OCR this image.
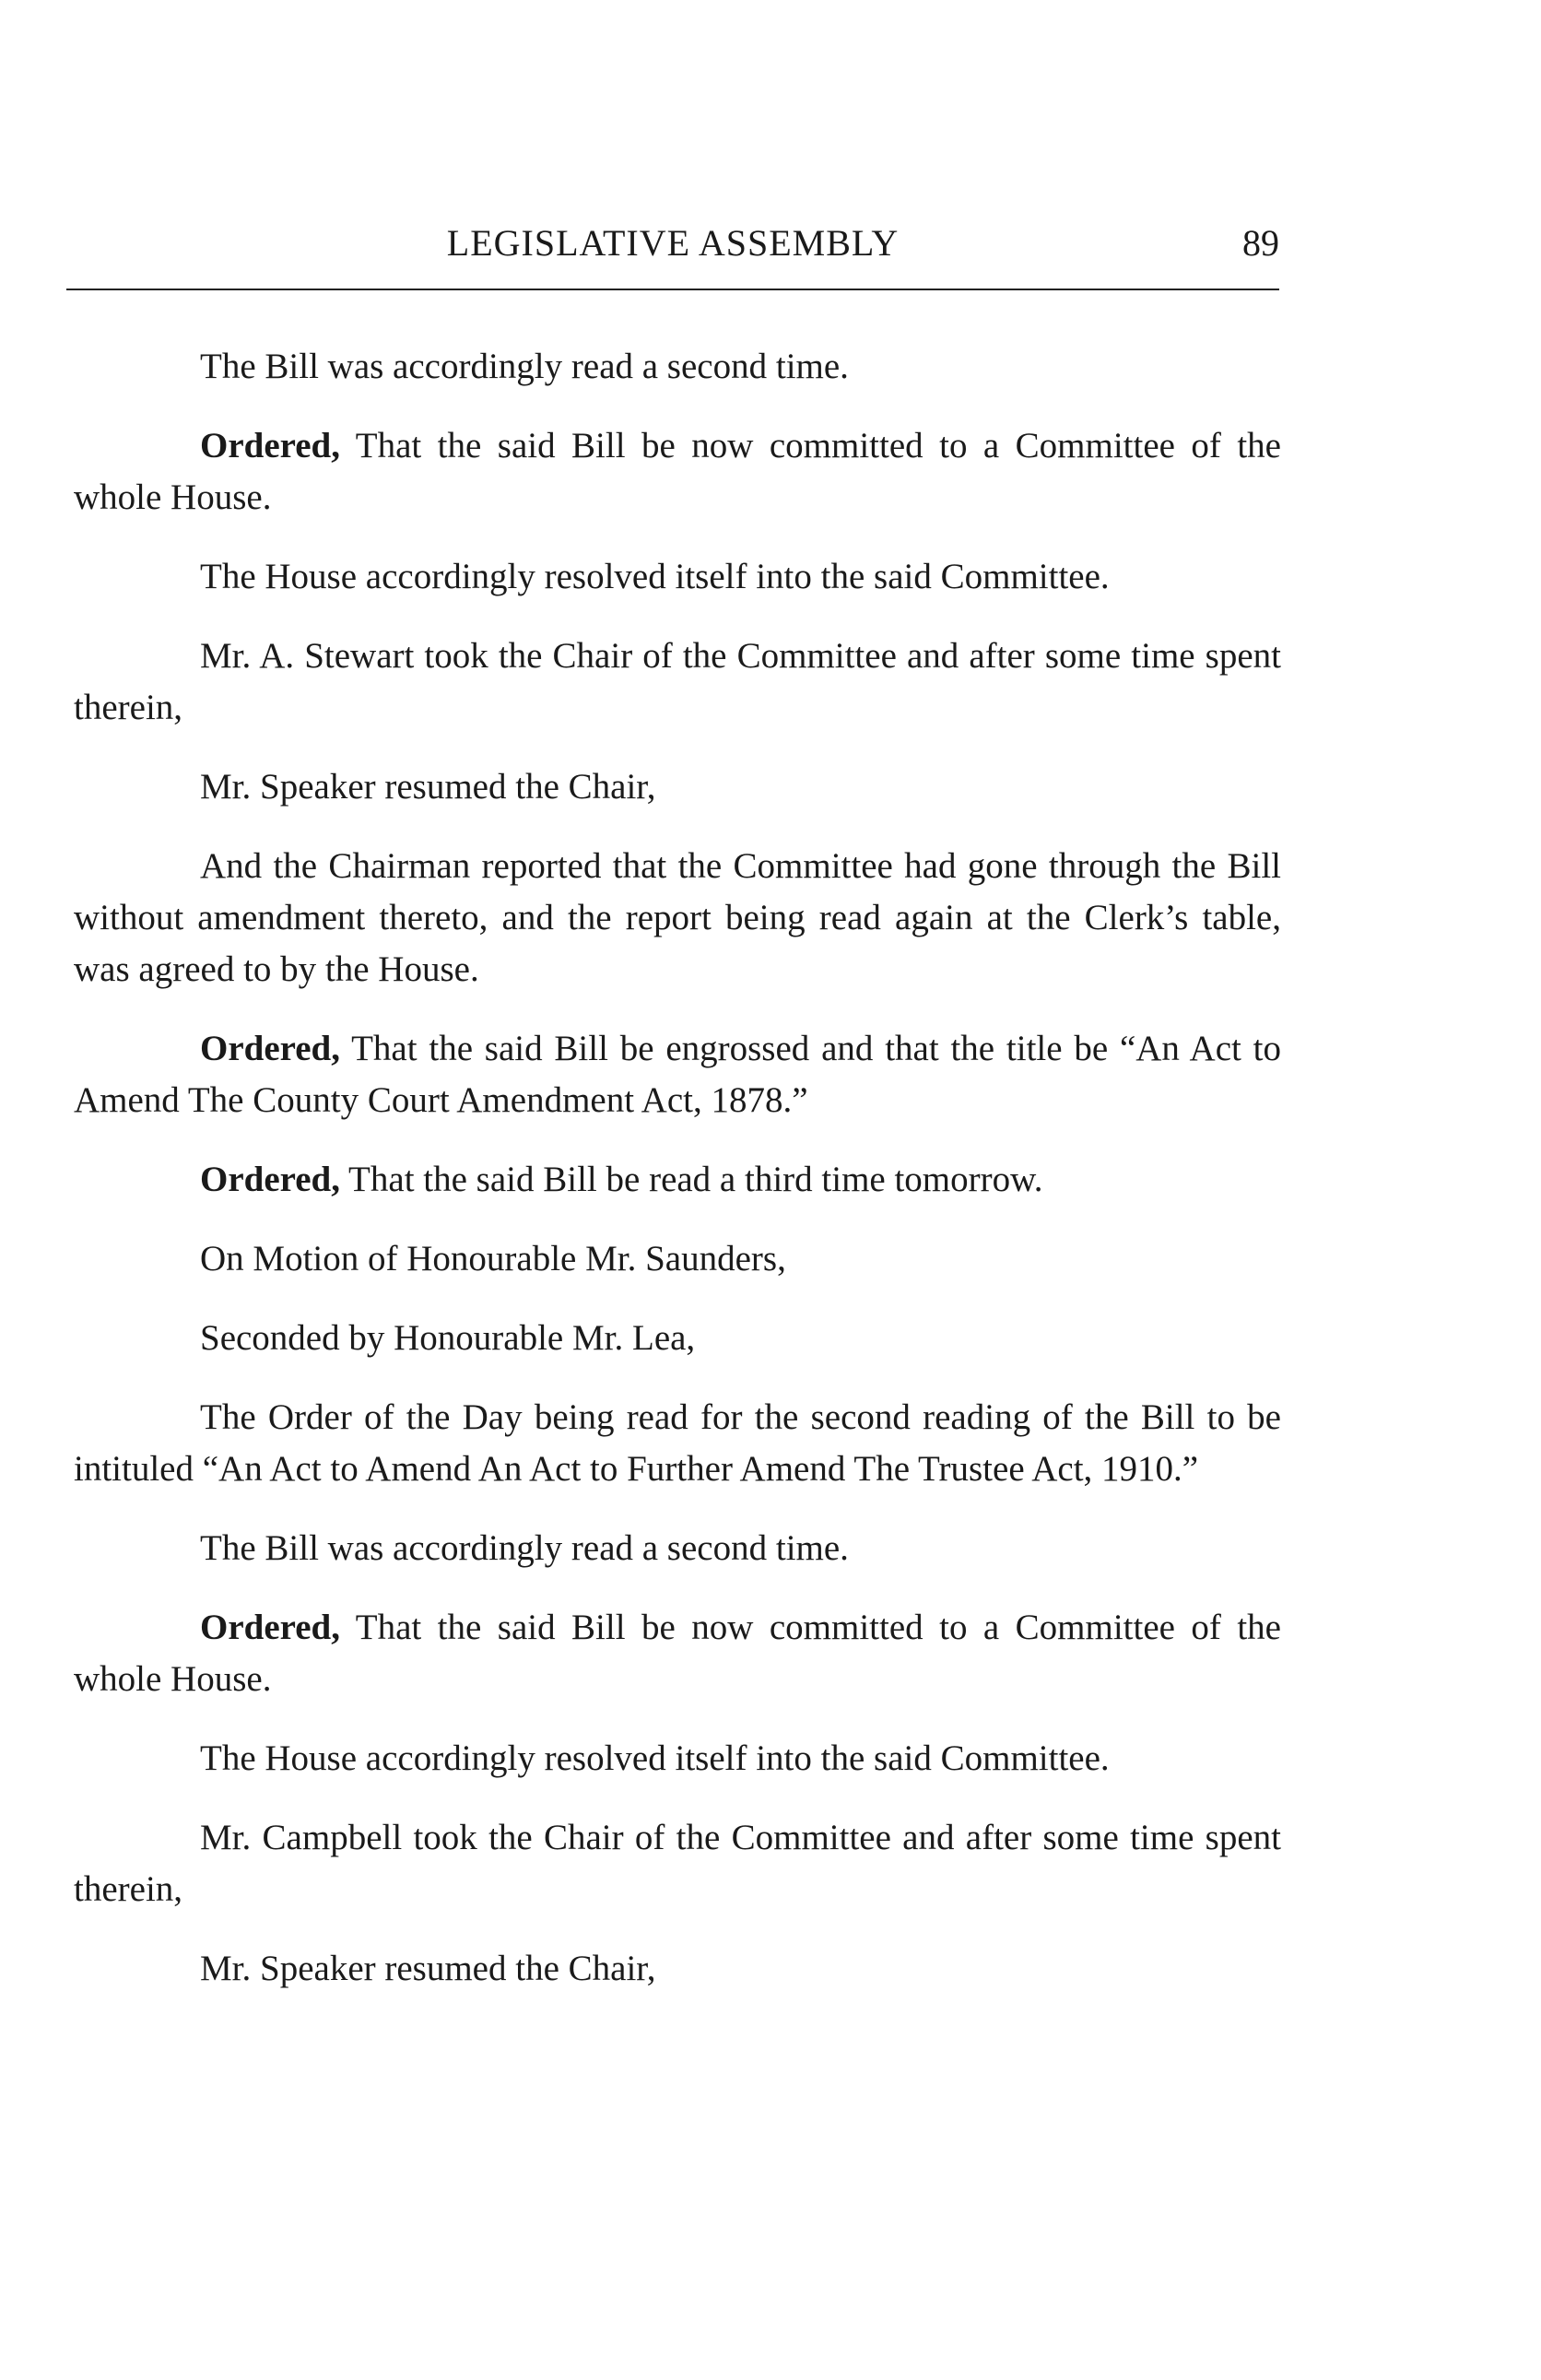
LEGISLATIVE ASSEMBLY	89

The Bill was accordingly read a second time.

Ordered, That the said Bill be now committed to a Committee of the whole House.

The House accordingly resolved itself into the said Committee.

Mr. A. Stewart took the Chair of the Committee and after some time spent therein,

Mr. Speaker resumed the Chair,

And the Chairman reported that the Committee had gone through the Bill without amendment thereto, and the report being read again at the Clerk’s table, was agreed to by the House.

Ordered, That the said Bill be engrossed and that the title be “An Act to Amend The County Court Amendment Act, 1878.”

Ordered, That the said Bill be read a third time tomorrow.

On Motion of Honourable Mr. Saunders,

Seconded by Honourable Mr. Lea,

The Order of the Day being read for the second reading of the Bill to be intituled “An Act to Amend An Act to Further Amend The Trustee Act, 1910.”

The Bill was accordingly read a second time.

Ordered, That the said Bill be now committed to a Committee of the whole House.

The House accordingly resolved itself into the said Committee.

Mr. Campbell took the Chair of the Committee and after some time spent therein,

Mr. Speaker resumed the Chair,
